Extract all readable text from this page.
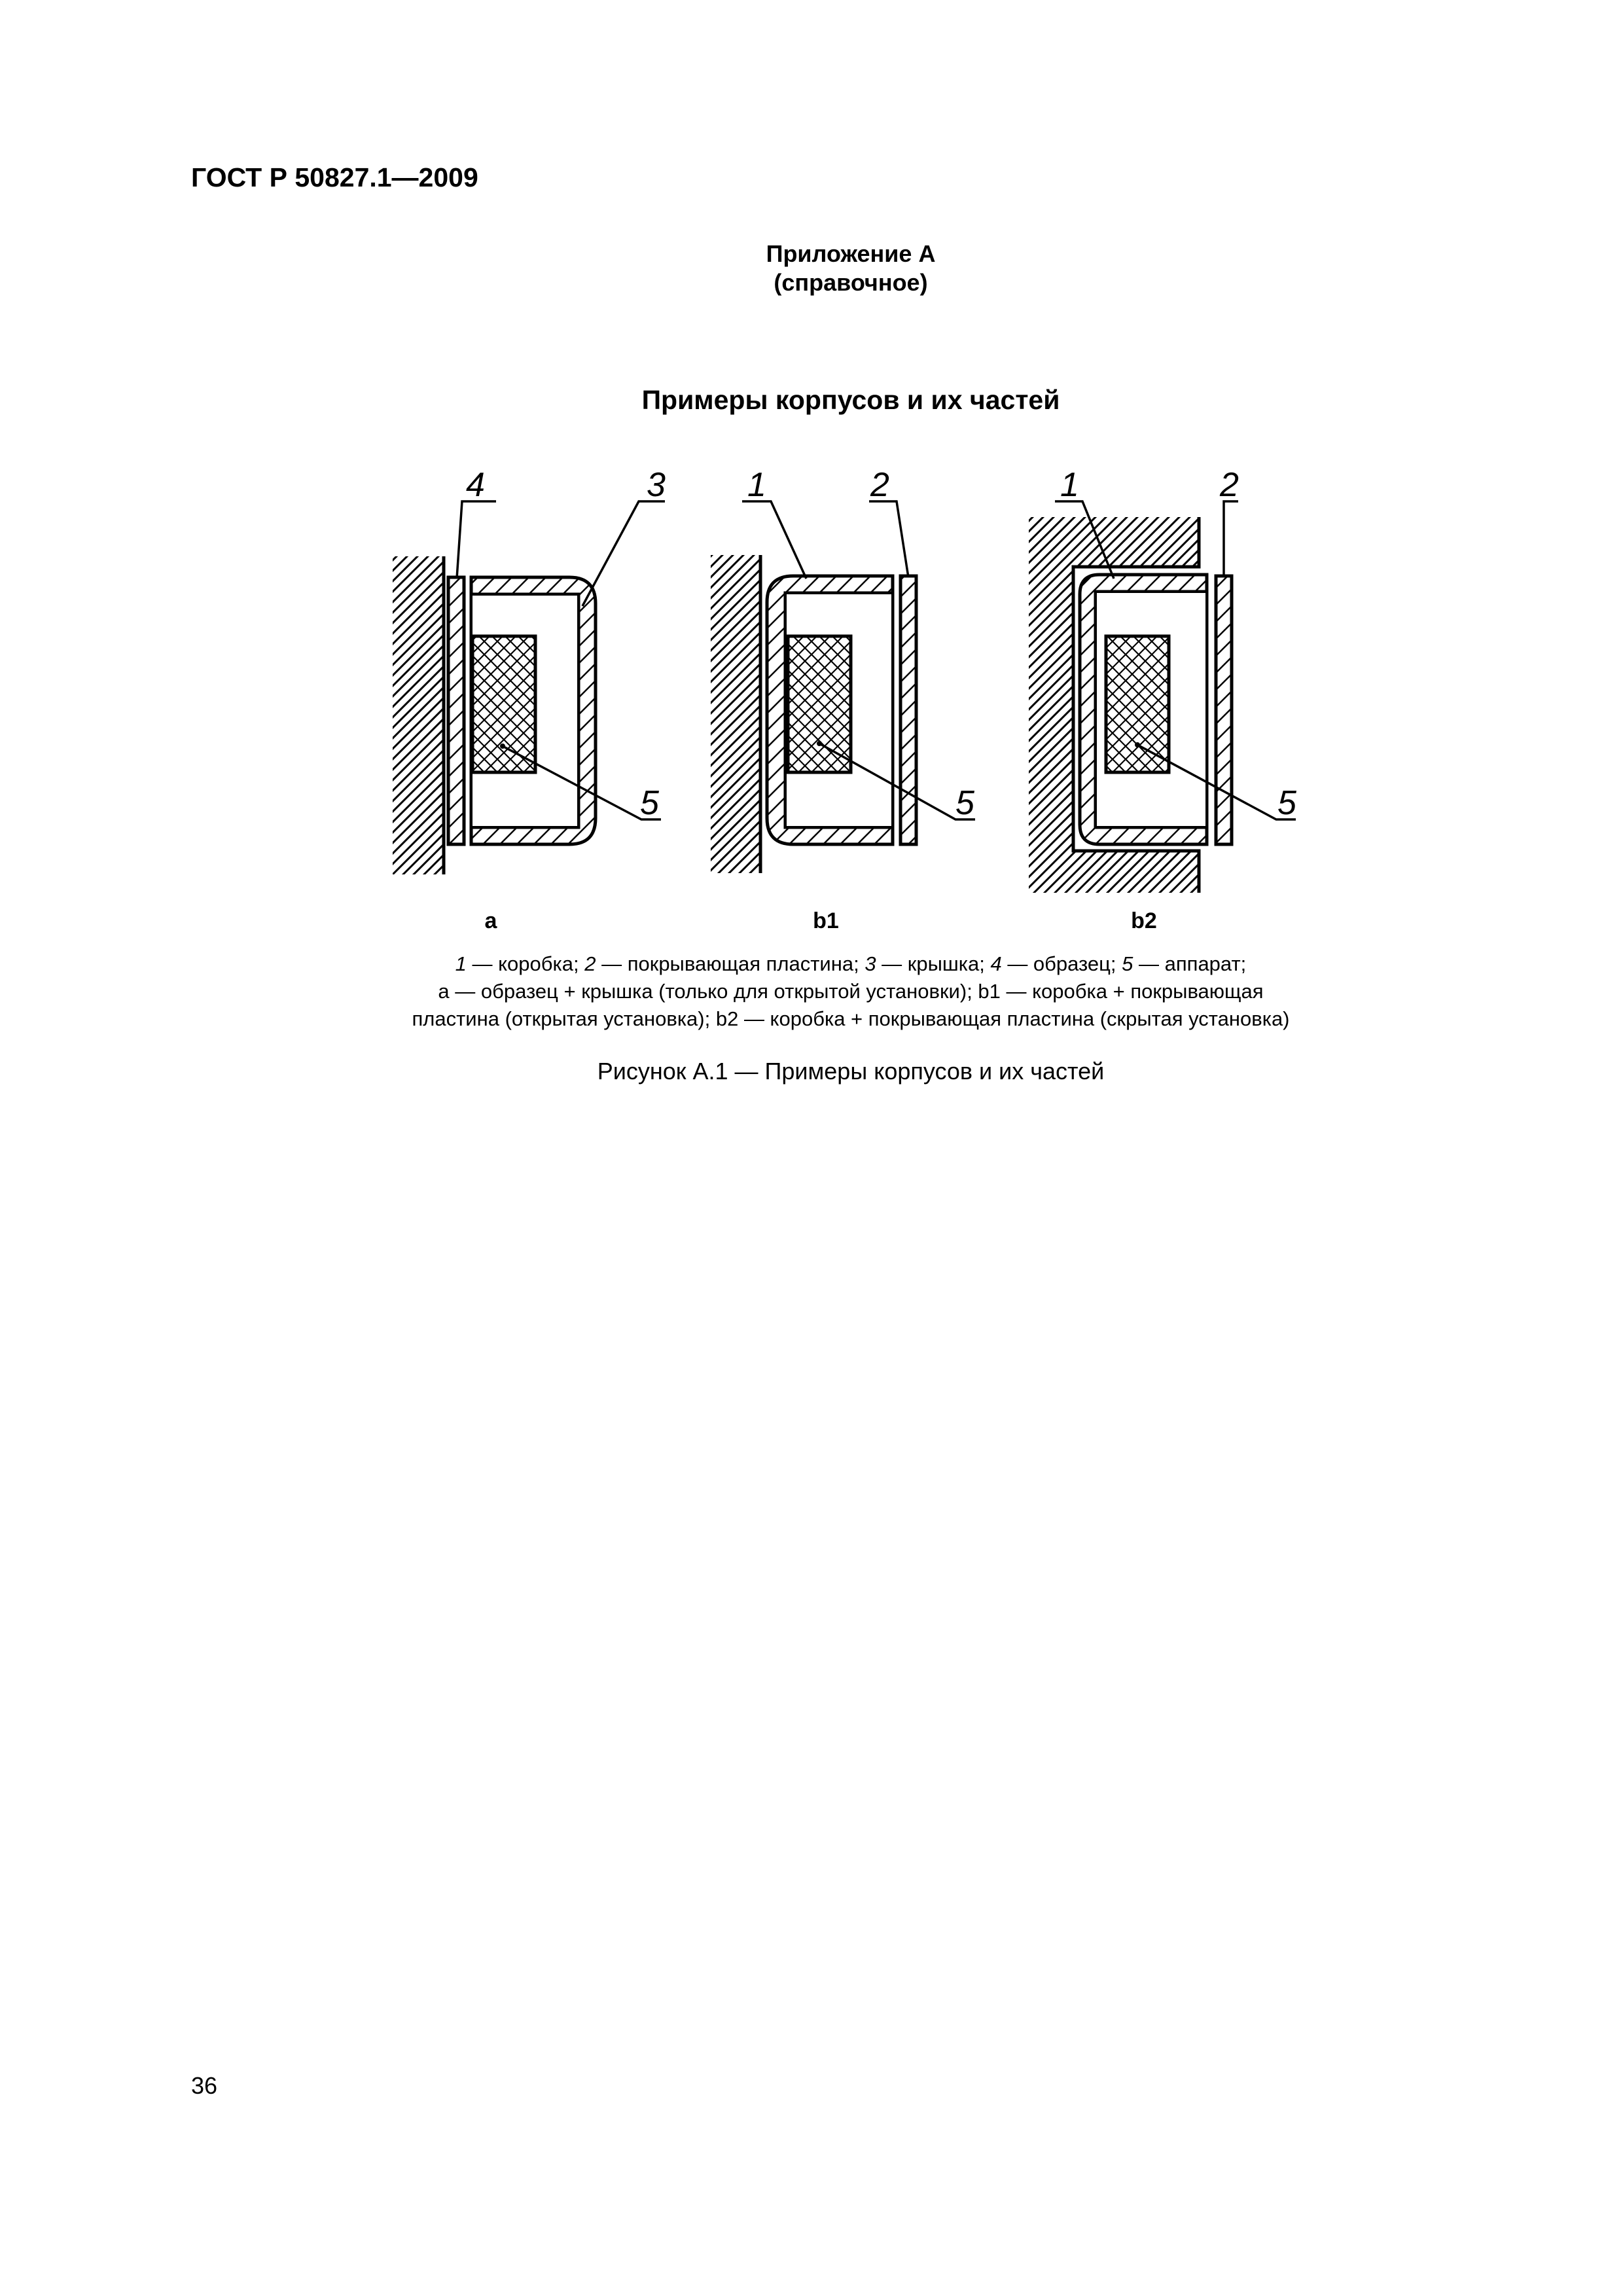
ГОСТ Р 50827.1—2009
Приложение А
(справочное)
Примеры корпусов и их частей
4	3
5
1	2
5
1	2
5
a	b1	b2
1 — коробка; 2 — покрывающая пластина; 3 — крышка; 4 — образец; 5 — аппарат;
a — образец + крышка (только для открытой установки); b1 — коробка + покрывающая
пластина (открытая установка); b2 — коробка + покрывающая пластина (скрытая установка)
Рисунок А.1 — Примеры корпусов и их частей
36
